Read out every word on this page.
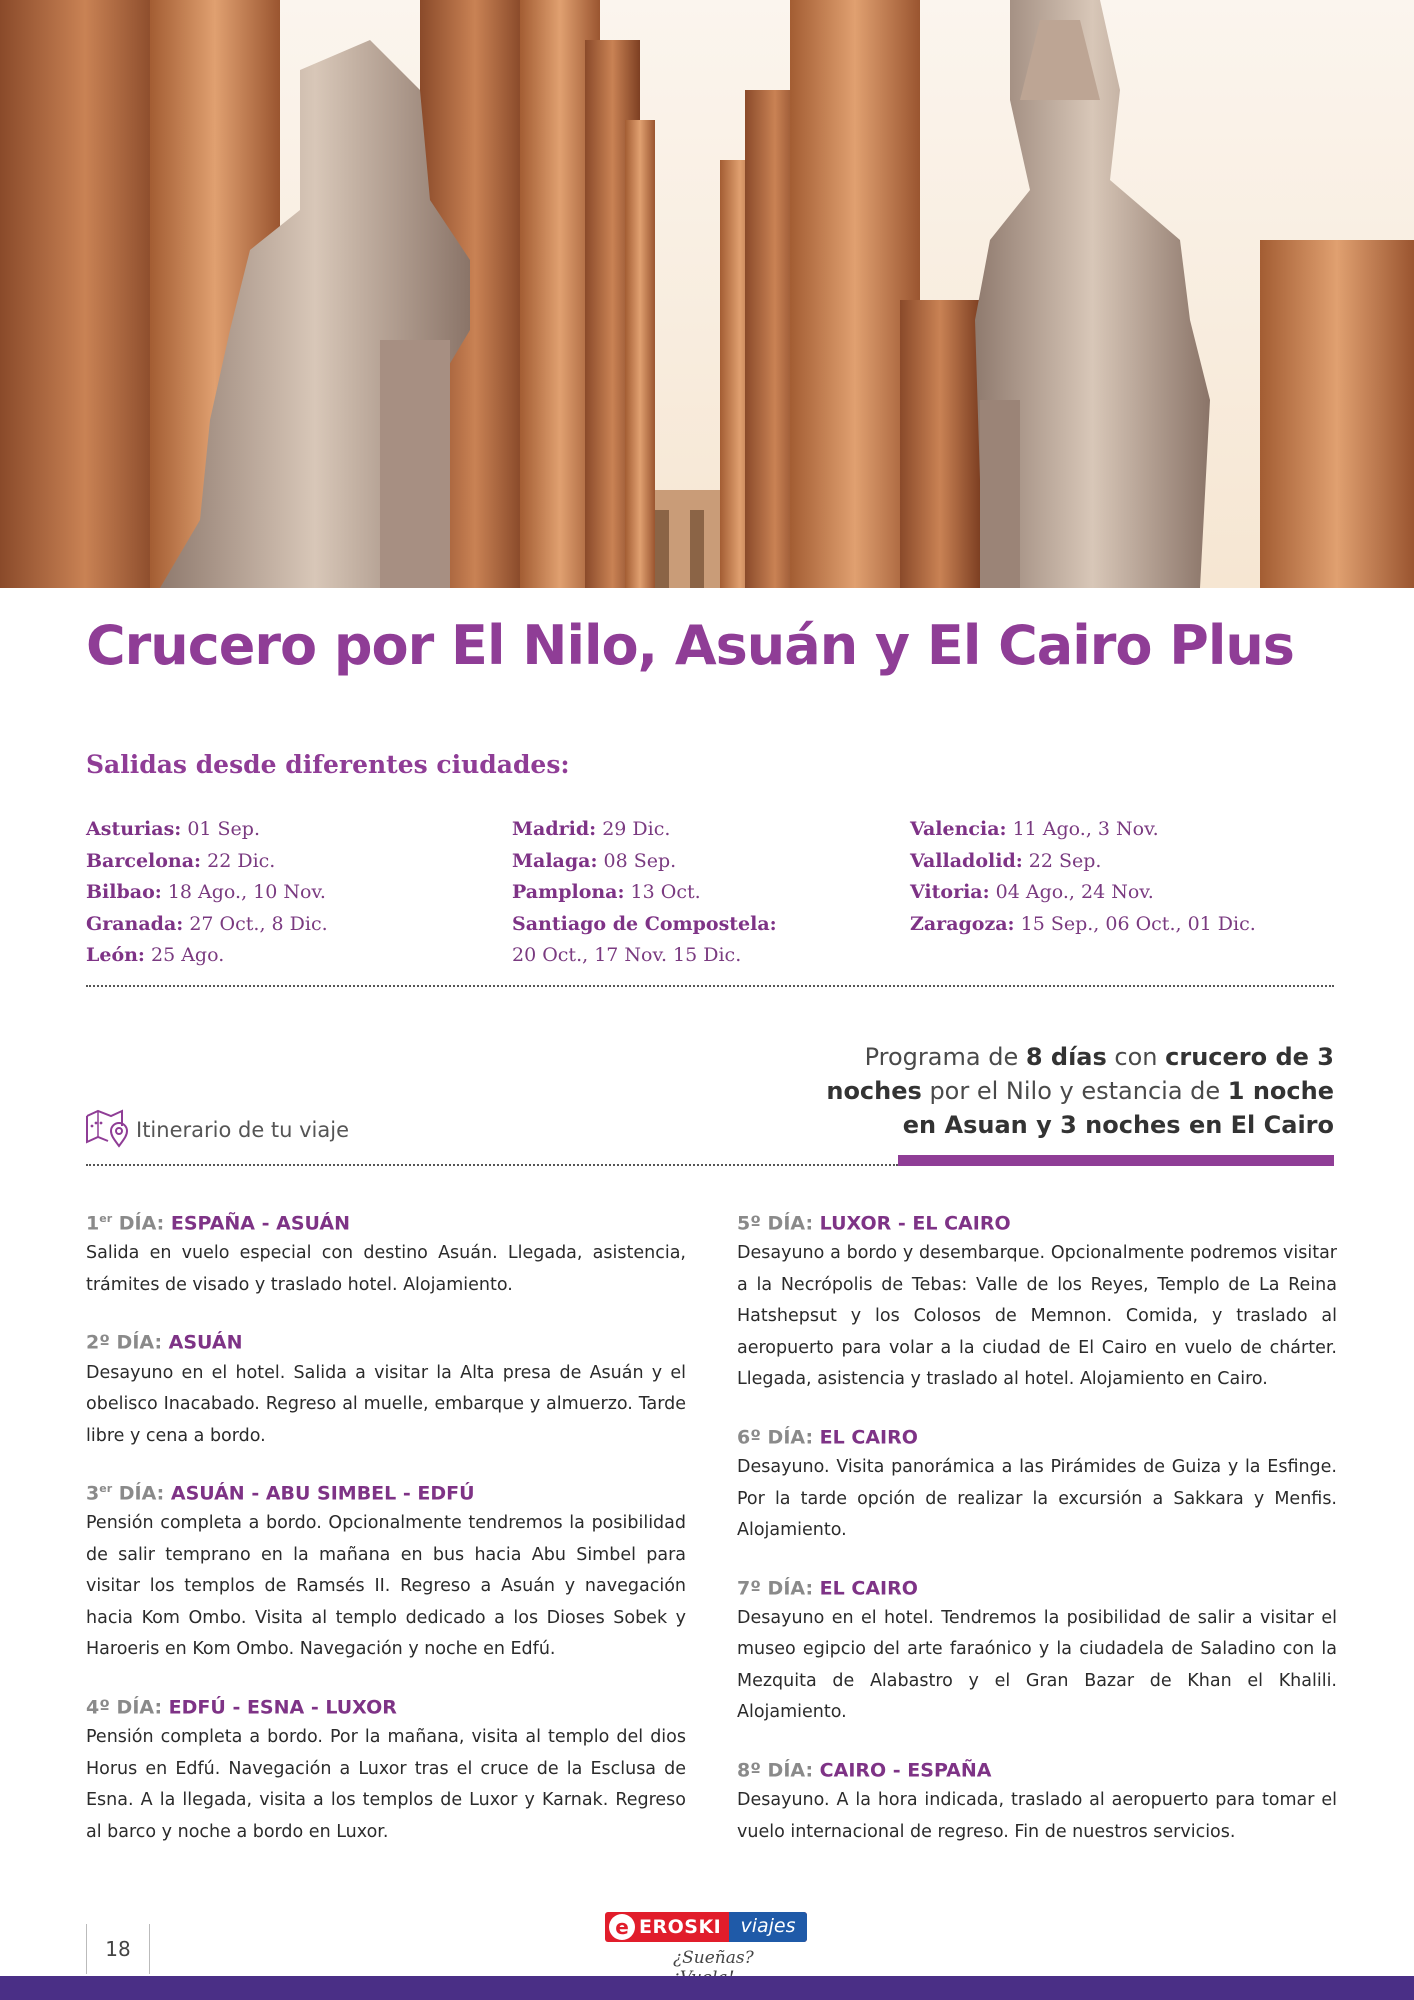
Crucero por El Nilo, Asuán y El Cairo Plus
Salidas desde diferentes ciudades:
Asturias: 01 Sep.
Barcelona: 22 Dic.
Bilbao: 18 Ago., 10 Nov.
Granada: 27 Oct., 8 Dic.
León: 25 Ago.
Madrid: 29 Dic.
Malaga: 08 Sep.
Pamplona: 13 Oct.
Santiago de Compostela:
20 Oct., 17 Nov. 15 Dic.
Valencia: 11 Ago., 3 Nov.
Valladolid: 22 Sep.
Vitoria: 04 Ago., 24 Nov.
Zaragoza: 15 Sep., 06 Oct., 01 Dic.
Programa de 8 días con crucero de 3
noches por el Nilo y estancia de 1 noche
en Asuan y 3 noches en El Cairo
Itinerario de tu viaje
1er DÍA: ESPAÑA - ASUÁN
Salida en vuelo especial con destino Asuán. Llegada, asistencia, trámites de visado y traslado hotel. Alojamiento.
2º DÍA: ASUÁN
Desayuno en el hotel. Salida a visitar la Alta presa de Asuán y el obelisco Inacabado. Regreso al muelle, embarque y almuerzo. Tarde libre y cena a bordo.
3er DÍA: ASUÁN - ABU SIMBEL - EDFÚ
Pensión completa a bordo. Opcionalmente tendremos la posibilidad de salir temprano en la mañana en bus hacia Abu Simbel para visitar los templos de Ramsés II. Regreso a Asuán y navegación hacia Kom Ombo. Visita al templo dedicado a los Dioses Sobek y Haroeris en Kom Ombo. Navegación y noche en Edfú.
4º DÍA: EDFÚ - ESNA - LUXOR
Pensión completa a bordo. Por la mañana, visita al templo del dios Horus en Edfú. Navegación a Luxor tras el cruce de la Esclusa de Esna. A la llegada, visita a los templos de Luxor y Karnak. Regreso al barco y noche a bordo en Luxor.
5º DÍA: LUXOR - EL CAIRO
Desayuno a bordo y desembarque. Opcionalmente podremos visitar a la Necrópolis de Tebas: Valle de los Reyes, Templo de La Reina Hatshepsut y los Colosos de Memnon. Comida, y traslado al aeropuerto para volar a la ciudad de El Cairo en vuelo de chárter. Llegada, asistencia y traslado al hotel. Alojamiento en Cairo.
6º DÍA: EL CAIRO
Desayuno. Visita panorámica a las Pirámides de Guiza y la Esfinge. Por la tarde opción de realizar la excursión a Sakkara y Menfis. Alojamiento.
7º DÍA: EL CAIRO
Desayuno en el hotel. Tendremos la posibilidad de salir a visitar el museo egipcio del arte faraónico y la ciudadela de Saladino con la Mezquita de Alabastro y el Gran Bazar de Khan el Khalili. Alojamiento.
8º DÍA: CAIRO - ESPAÑA
Desayuno. A la hora indicada, traslado al aeropuerto para tomar el vuelo internacional de regreso. Fin de nuestros servicios.
18
e EROSKI	viajes
¿Sueñas?
